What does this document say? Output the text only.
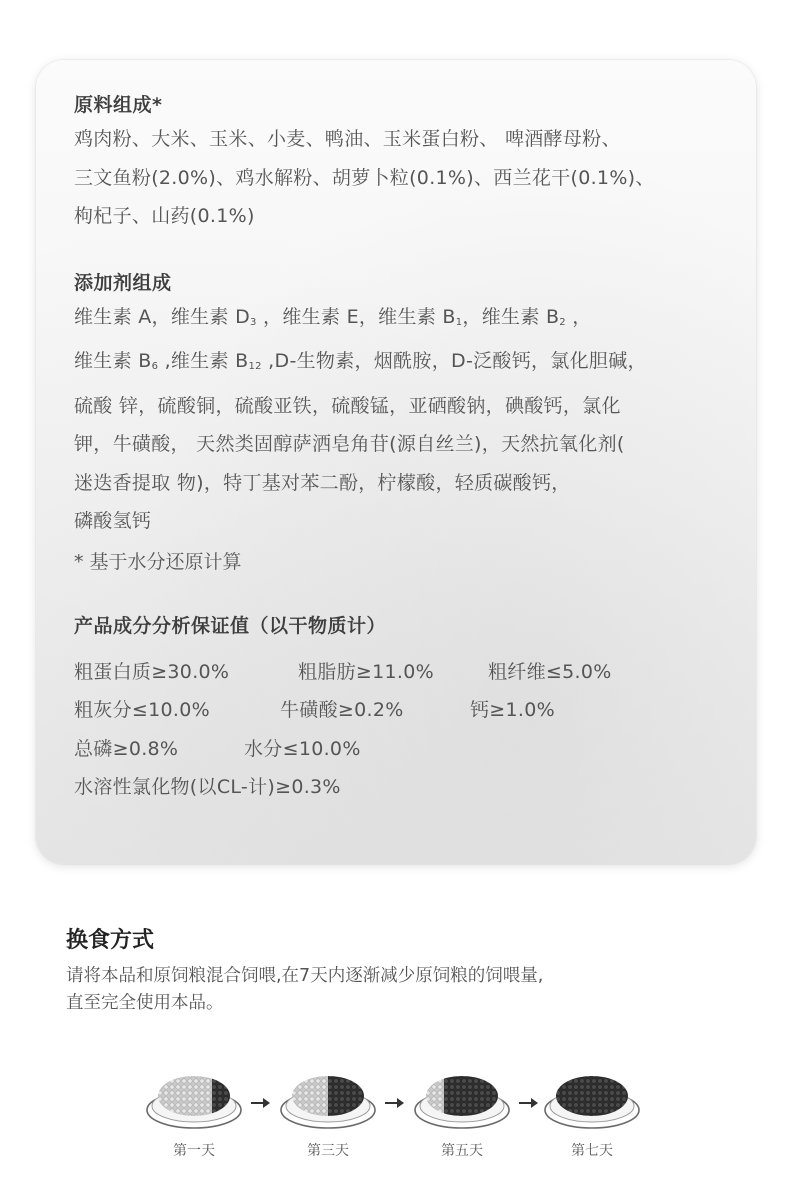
原料组成*

鸡肉粉、大米、玉米、小麦、鸭油、玉米蛋白粉、 啤酒酵母粉、

三文鱼粉(2.0%)、鸡水解粉、胡萝卜粒(0.1%)、西兰花干(0.1%)、

枸杞子、山药(0.1%)

添加剂组成

维生素 A，维生素 $D_3$ ，维生素 E，维生素 $B_1$，维生素 $B_2$ ，

维生素 $B_6$ ,维生素 $B_{12}$ ,D-生物素，烟酰胺，D-泛酸钙，氯化胆碱，

硫酸 锌，硫酸铜，硫酸亚铁，硫酸锰，亚硒酸钠，碘酸钙，氯化

钾，牛磺酸， 天然类固醇萨洒皂角苷(源自丝兰)，天然抗氧化剂(

迷迭香提取 物)，特丁基对苯二酚，柠檬酸，轻质碳酸钙，

磷酸氢钙

* 基于水分还原计算
产品成分分析保证值（以干物质计）
粗蛋白质≥30.0%	粗脂肪≥11.0%	粗纤维≤5.0%
粗灰分≤10.0%	牛磺酸≥0.2%	钙≥1.0%
总磷≥0.8%	水分≤10.0%
水溶性氯化物(以CL-计)≥0.3%
换食方式

请将本品和原饲粮混合饲喂,在7天内逐渐减少原饲粮的饲喂量,

直至完全使用本品。

第一天	第三天	第五天	第七天
